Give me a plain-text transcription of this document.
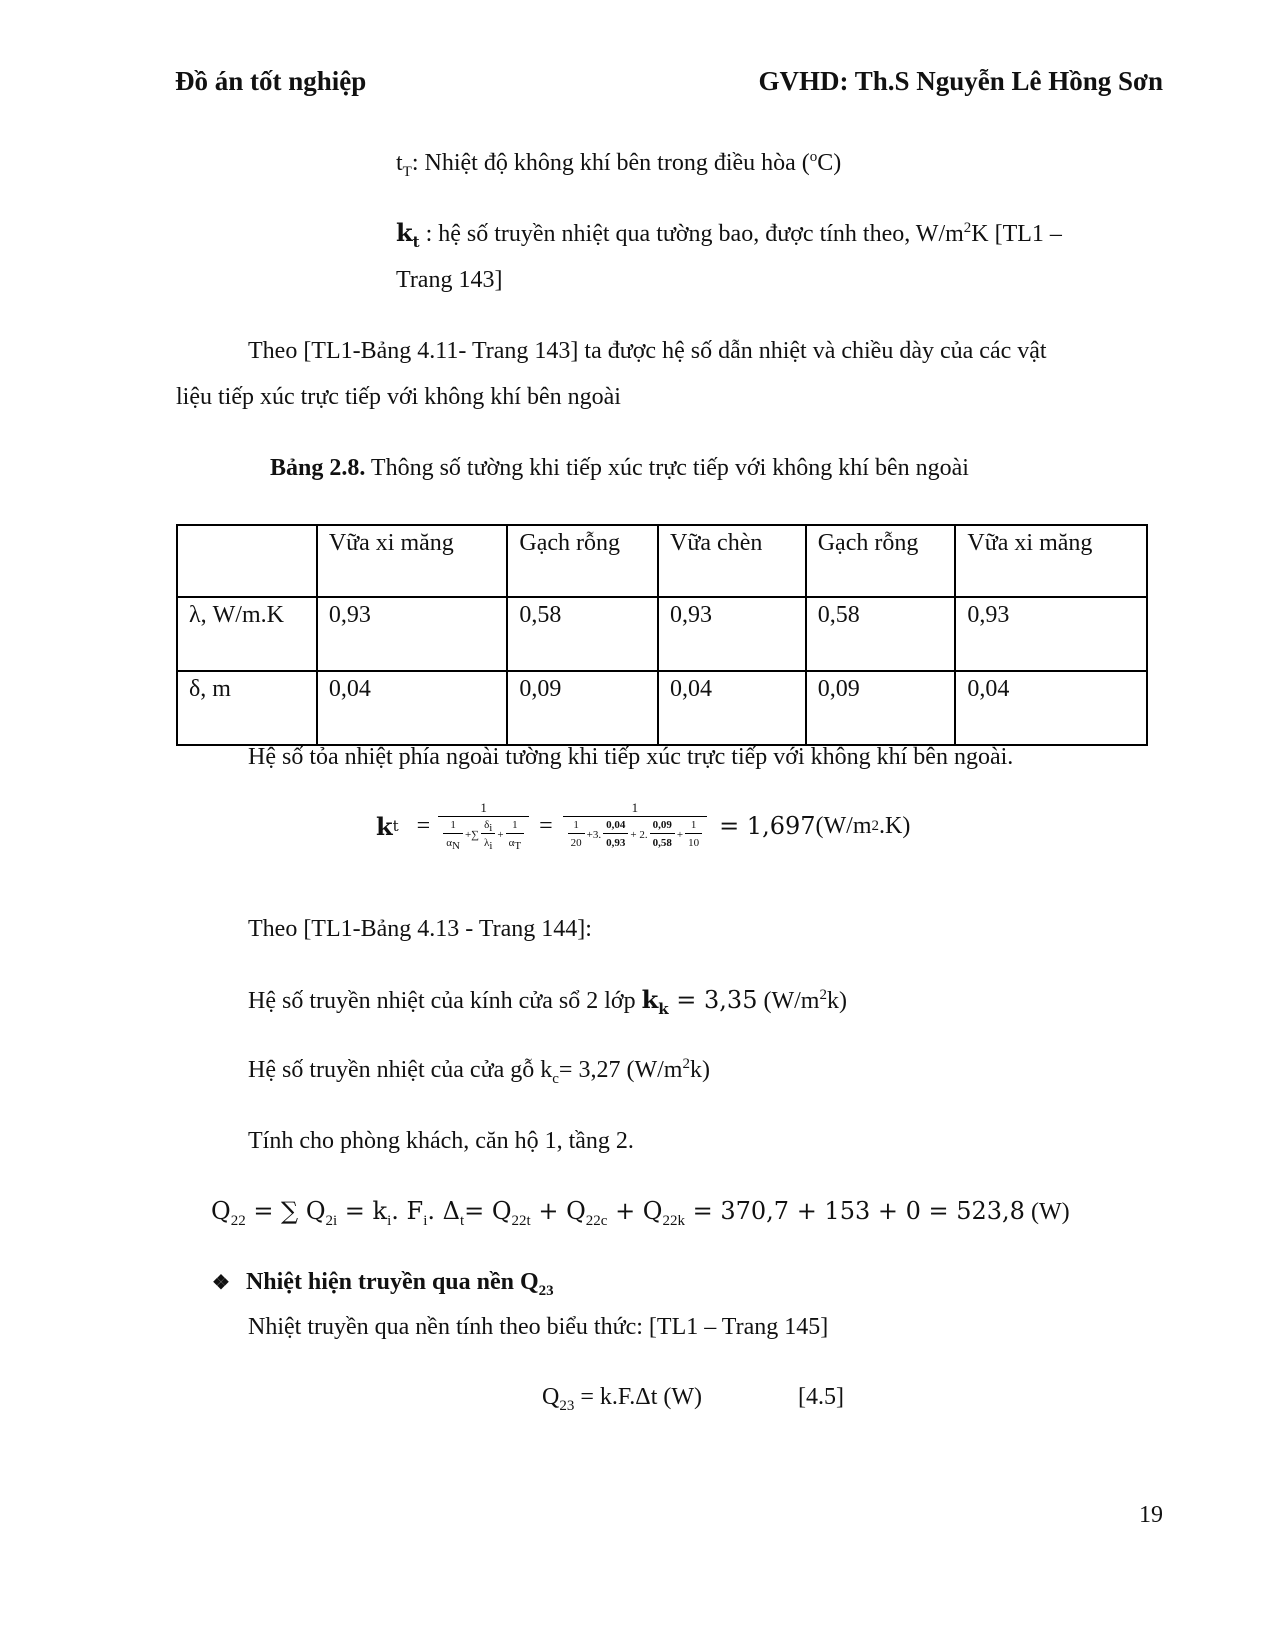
Đồ án tốt nghiệp	GVHD: Th.S Nguyễn Lê Hồng Sơn
$t_T$: Nhiệt độ không khí bên trong điều hòa ($^o$C)
$k_t$ : hệ số truyền nhiệt qua tường bao, được tính theo, $W/m^2K$ [TL1 –
Trang 143]
Theo [TL1-Bảng 4.11- Trang 143] ta được hệ số dẫn nhiệt và chiều dày của các vật
liệu tiếp xúc trực tiếp với không khí bên ngoài
Bảng 2.8. Thông số tường khi tiếp xúc trực tiếp với không khí bên ngoài
	Vữa xi măng	Gạch rỗng	Vữa chèn	Gạch rỗng	Vữa xi măng
λ, W/m.K	0,93	0,58	0,93	0,58	0,93
δ, m	0,04	0,09	0,04	0,09	0,04
Hệ số tỏa nhiệt phía ngoài tường khi tiếp xúc trực tiếp với không khí bên ngoài.
k $t = \frac{1}{\frac{1}{\alpha_N} +\sum \frac{\delta_i}{\lambda_i} + \frac{1}{\alpha_T}}$ =
1
$\frac{1}{20} +3$. $\frac{0,04}{0,93} + 2$. $\frac{0,09}{0,58} + \frac{1}{10} = 1,697$ (W/m 2 .K)
Theo [TL1-Bảng 4.13 - Trang 144]:
Hệ số truyền nhiệt của kính cửa sổ 2 lớp $k_k = 3,35$ $(W/m^2k)$
Hệ số truyền nhiệt của cửa gỗ $k_c= 3,27$ $(W/m^2k)$
Tính cho phòng khách, căn hộ 1, tầng 2.
$Q_{22}$ = ∑ $Q_{2i} = k_i$. $F_i$. $\Delta_t= Q_{22t} + Q_{22c} + Q_{22k} = 370,7 + 153 + 0 = 523,8$ (W)
❖ Nhiệt hiện truyền qua nền $Q_{23}$
Nhiệt truyền qua nền tính theo biểu thức: [TL1 – Trang 145]
$Q_{23} = k.F.\Delta t$ (W)	[4.5]
19
